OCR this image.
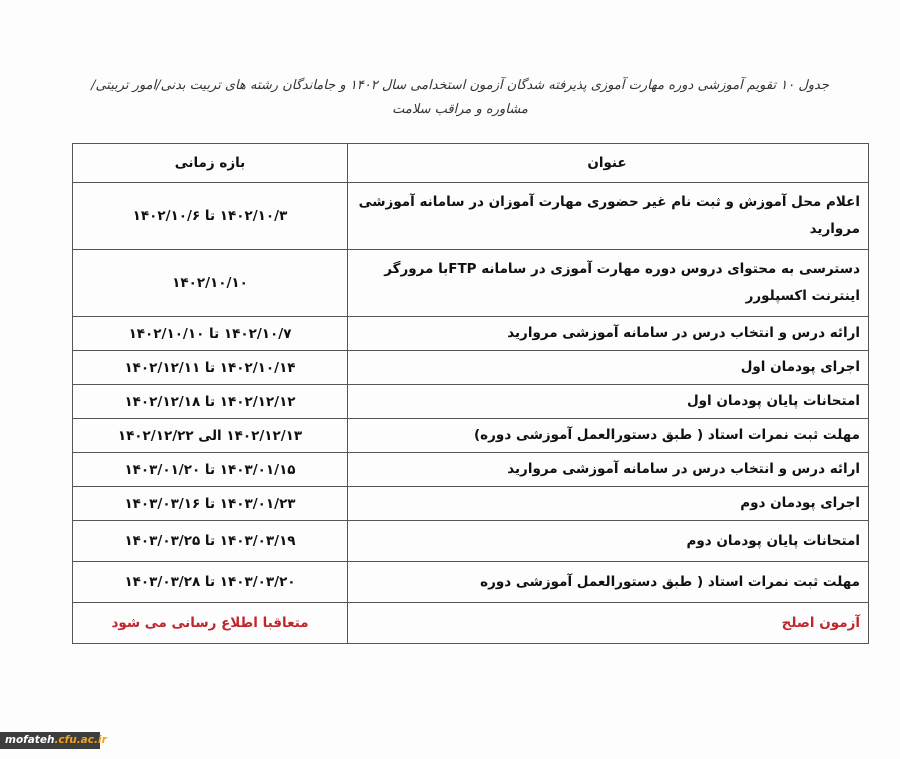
جدول ۱۰ تقویم آموزشی دوره مهارت آموزی پذیرفته شدگان آزمون استخدامی سال ۱۴۰۲ و جاماندگان رشته های تربیت بدنی/امور تربیتی/مشاوره و مراقب سلامت
عنوان	بازه زمانی
اعلام محل آموزش و ثبت نام غیر حضوری مهارت آموزان در سامانه آموزشی مروارید	۱۴۰۲/۱۰/۳ تا ۱۴۰۲/۱۰/۶
دسترسی به محتوای دروس دوره مهارت آموزی در سامانه FTPبا مرورگر اینترنت اکسپلورر	۱۴۰۲/۱۰/۱۰
ارائه درس و انتخاب درس در سامانه آموزشی مروارید	۱۴۰۲/۱۰/۷ تا ۱۴۰۲/۱۰/۱۰
اجرای پودمان اول	۱۴۰۲/۱۰/۱۴ تا ۱۴۰۲/۱۲/۱۱
امتحانات پایان پودمان اول	۱۴۰۲/۱۲/۱۲ تا ۱۴۰۲/۱۲/۱۸
مهلت ثبت نمرات استاد ( طبق دستورالعمل آموزشی دوره)	۱۴۰۲/۱۲/۱۳ الی ۱۴۰۲/۱۲/۲۲
ارائه درس و انتخاب درس در سامانه آموزشی مروارید	۱۴۰۳/۰۱/۱۵ تا ۱۴۰۳/۰۱/۲۰
اجرای پودمان دوم	۱۴۰۳/۰۱/۲۳ تا ۱۴۰۳/۰۳/۱۶
امتحانات پایان پودمان دوم	۱۴۰۳/۰۳/۱۹ تا ۱۴۰۳/۰۳/۲۵
مهلت ثبت نمرات استاد ( طبق دستورالعمل آموزشی دوره	۱۴۰۳/۰۳/۲۰ تا ۱۴۰۳/۰۳/۲۸
آزمون اصلح	متعاقبا اطلاع رسانی می شود
mofateh.cfu.ac.ir
